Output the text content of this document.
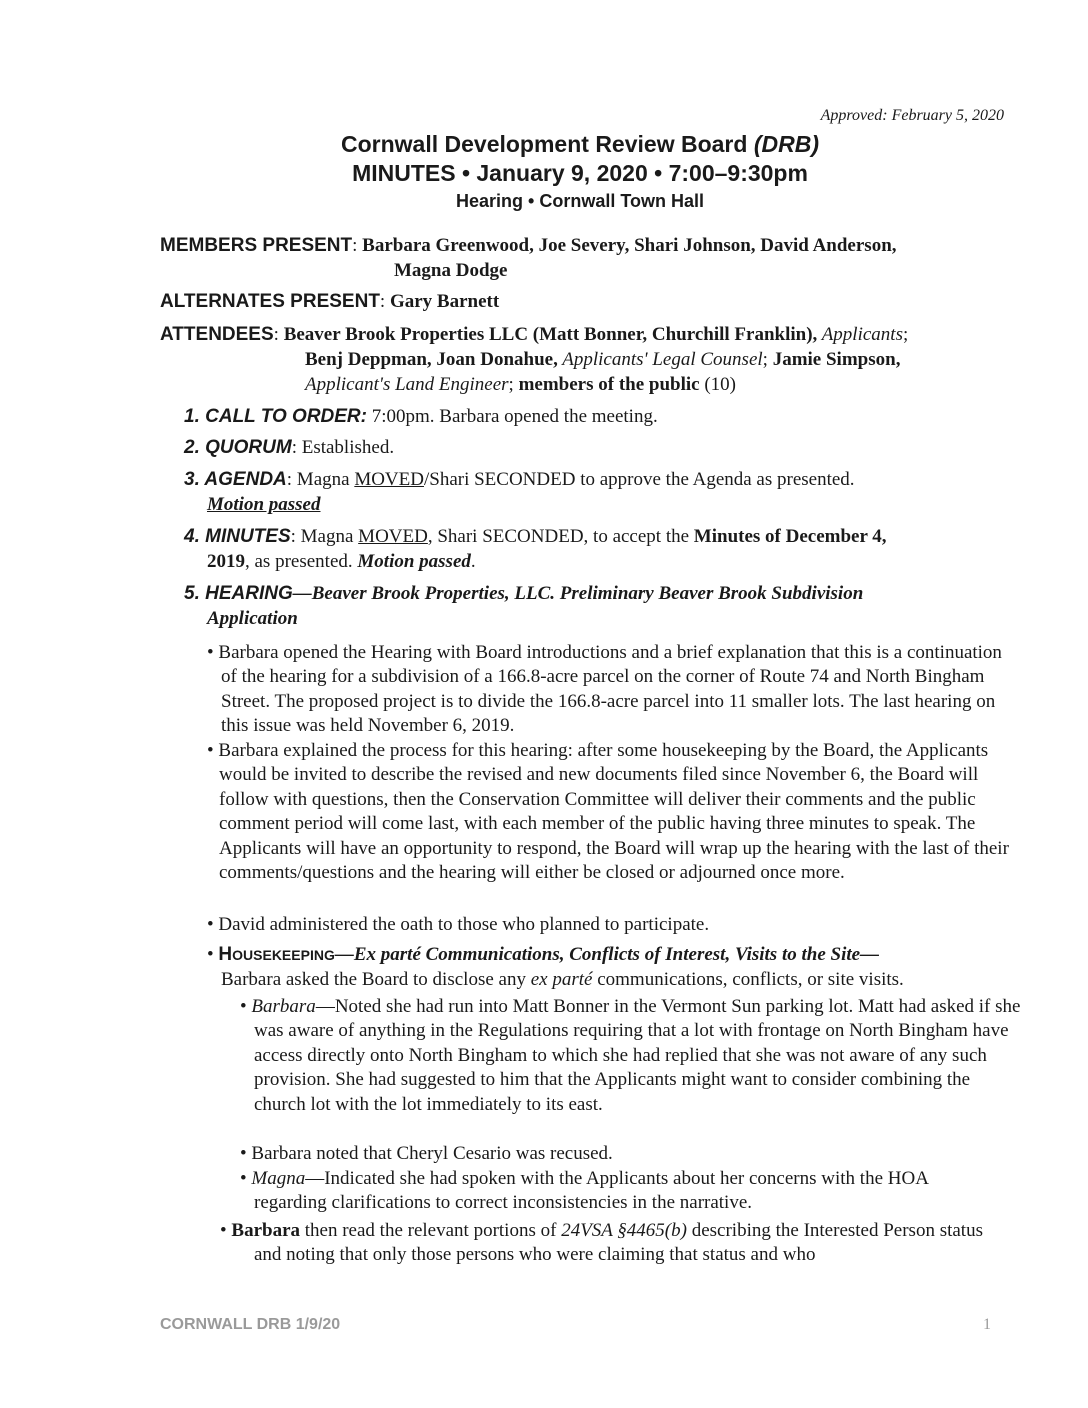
Approved: February 5, 2020
Cornwall Development Review Board (DRB)
MINUTES • January 9, 2020 • 7:00–9:30pm
Hearing • Cornwall Town Hall
MEMBERS PRESENT: Barbara Greenwood, Joe Severy, Shari Johnson, David Anderson,
Magna Dodge
ALTERNATES PRESENT: Gary Barnett
ATTENDEES: Beaver Brook Properties LLC (Matt Bonner, Churchill Franklin), Applicants;
Benj Deppman, Joan Donahue, Applicants' Legal Counsel; Jamie Simpson,
Applicant's Land Engineer; members of the public (10)
1. CALL TO ORDER: 7:00pm. Barbara opened the meeting.
2. QUORUM: Established.
3. AGENDA: Magna MOVED/Shari SECONDED to approve the Agenda as presented.
Motion passed
4. MINUTES: Magna MOVED, Shari SECONDED, to accept the Minutes of December 4,
2019, as presented. Motion passed.
5. HEARING—Beaver Brook Properties, LLC. Preliminary Beaver Brook Subdivision
Application
• Barbara opened the Hearing with Board introductions and a brief explanation that this is a continuation of the hearing for a subdivision of a 166.8-acre parcel on the corner of Route 74 and North Bingham Street. The proposed project is to divide the 166.8-acre parcel into 11 smaller lots. The last hearing on this issue was held November 6, 2019.
• Barbara explained the process for this hearing: after some housekeeping by the Board, the Applicants would be invited to describe the revised and new documents filed since November 6, the Board will follow with questions, then the Conservation Committee will deliver their comments and the public comment period will come last, with each member of the public having three minutes to speak. The Applicants will have an opportunity to respond, the Board will wrap up the hearing with the last of their comments/questions and the hearing will either be closed or adjourned once more.
• David administered the oath to those who planned to participate.
• HOUSEKEEPING—Ex parté Communications, Conflicts of Interest, Visits to the Site—
Barbara asked the Board to disclose any ex parté communications, conflicts, or site visits.
• Barbara—Noted she had run into Matt Bonner in the Vermont Sun parking lot. Matt had asked if she was aware of anything in the Regulations requiring that a lot with frontage on North Bingham have access directly onto North Bingham to which she had replied that she was not aware of any such provision. She had suggested to him that the Applicants might want to consider combining the church lot with the lot immediately to its east.
• Barbara noted that Cheryl Cesario was recused.
• Magna—Indicated she had spoken with the Applicants about her concerns with the HOA regarding clarifications to correct inconsistencies in the narrative.
• Barbara then read the relevant portions of 24VSA §4465(b) describing the Interested Person status and noting that only those persons who were claiming that status and who
CORNWALL DRB 1/9/20	1
